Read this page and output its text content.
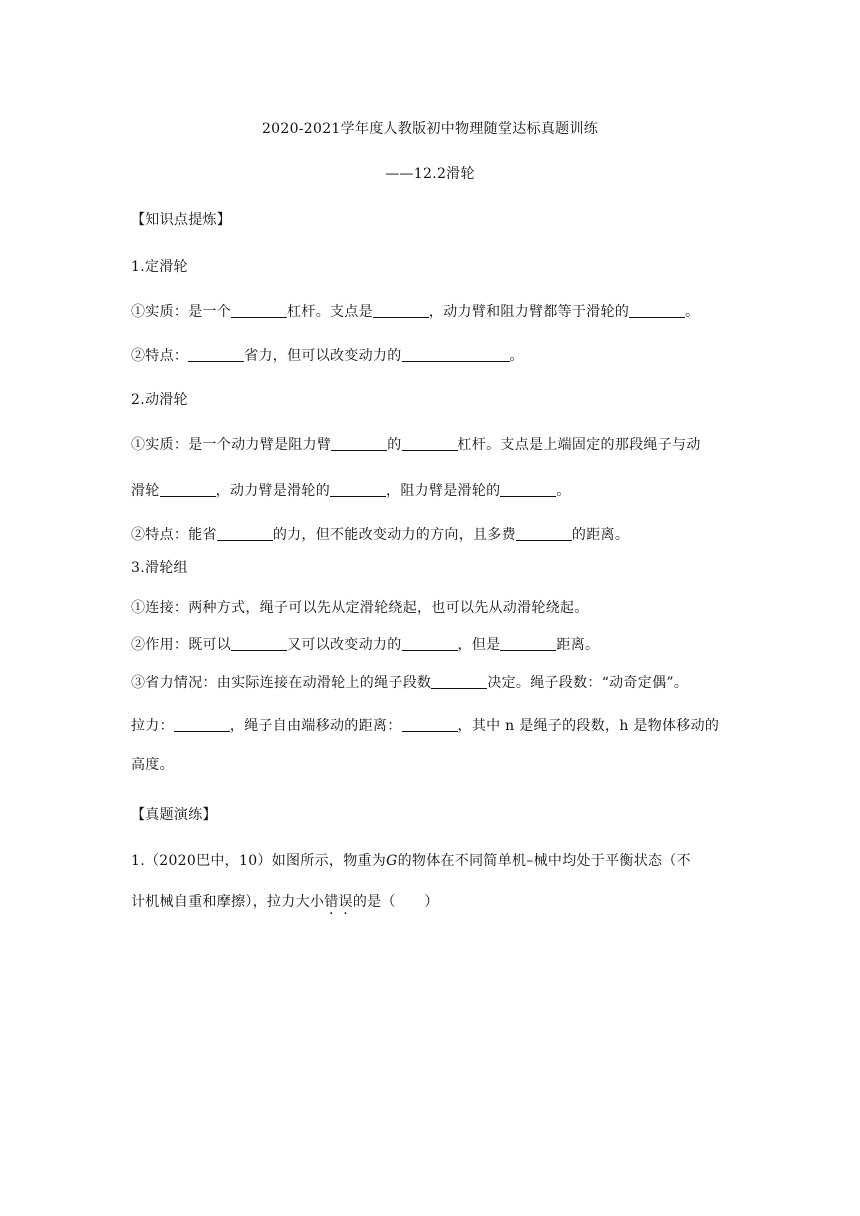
2020-2021学年度人教版初中物理随堂达标真题训练
——12.2滑轮
【知识点提炼】
1.定滑轮
①实质：是一个	杠杆。支点是	，动力臂和阻力臂都等于滑轮的	。
②特点：	省力，但可以改变动力的	。
2.动滑轮
①实质：是一个动力臂是阻力臂	的	杠杆。支点是上端固定的那段绳子与动
滑轮	，动力臂是滑轮的	，阻力臂是滑轮的	。
②特点：能省	的力，但不能改变动力的方向，且多费	的距离。
3.滑轮组
①连接：两种方式，绳子可以先从定滑轮绕起，也可以先从动滑轮绕起。
②作用：既可以	又可以改变动力的	，但是	距离。
③省力情况：由实际连接在动滑轮上的绳子段数	决定。绳子段数：“动奇定偶”。
拉力：	，绳子自由端移动的距离：	，其中 n 是绳子的段数，h 是物体移动的
高度。
【真题演练】
1.（2020巴中，10）如图所示，物重为G的物体在不同简单机–械中均处于平衡状态（不
计机械自重和摩擦），拉力大小错误的是（　　）
